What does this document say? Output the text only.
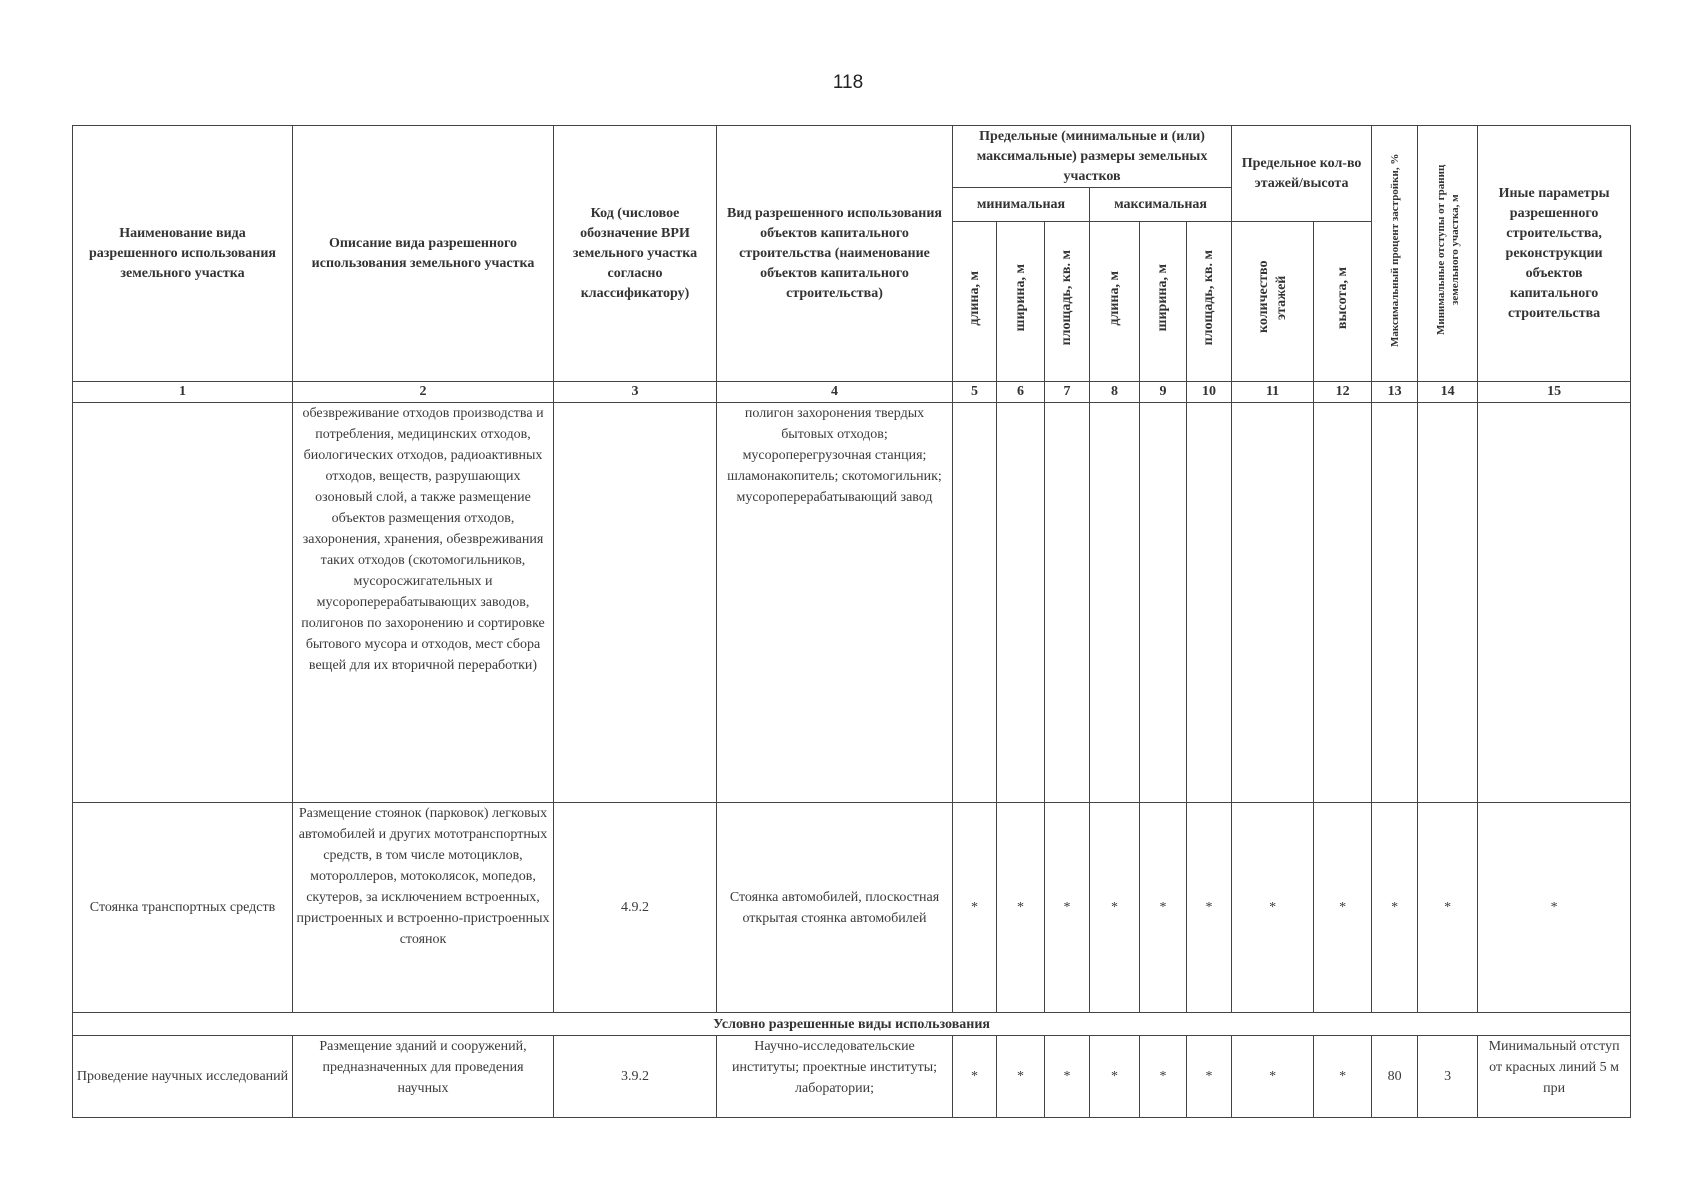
118
Наименование вида разрешенного использования земельного участка	Описание вида разрешенного использования земельного участка	Код (числовое обозначение ВРИ земельного участка согласно классификатору)	Вид разрешенного использования объектов капитального строительства (наименование объектов капитального строительства)	Предельные (минимальные и (или) максимальные) размеры земельных участков						Предельное кол-во этажей/высота		Максимальный процент застройки, %	Минимальные отступы от границ земельного участка, м	Иные параметры разрешенного строительства, реконструкции объектов капитального строительства
				минимальная			максимальная							
				длина, м	ширина, м	площадь, кв. м	длина, м	ширина, м	площадь, кв. м	количество этажей	высота, м			
1	2	3	4	5	6	7	8	9	10	11	12	13	14	15
	обезвреживание отходов производства и потребления, медицинских отходов, биологических отходов, радиоактивных отходов, веществ, разрушающих озоновый слой, а также размещение объектов размещения отходов, захоронения, хранения, обезвреживания таких отходов (скотомогильников, мусоросжигательных и мусороперерабатывающих заводов, полигонов по захоронению и сортировке бытового мусора и отходов, мест сбора вещей для их вторичной переработки)		полигон захоронения твердых бытовых отходов; мусороперегрузочная станция; шламонакопитель; скотомогильник; мусороперерабатывающий завод											
Стоянка транспортных средств	Размещение стоянок (парковок) легковых автомобилей и других мототранспортных средств, в том числе мотоциклов, мотороллеров, мотоколясок, мопедов, скутеров, за исключением встроенных, пристроенных и встроенно-пристроенных стоянок	4.9.2	Стоянка автомобилей, плоскостная открытая стоянка автомобилей	*	*	*	*	*	*	*	*	*	*	*
Условно разрешенные виды использования														
Проведение научных исследований	Размещение зданий и сооружений, предназначенных для проведения научных	3.9.2	Научно-исследовательские институты; проектные институты; лаборатории;	*	*	*	*	*	*	*	*	80	3	Минимальный отступ от красных линий 5 м при
